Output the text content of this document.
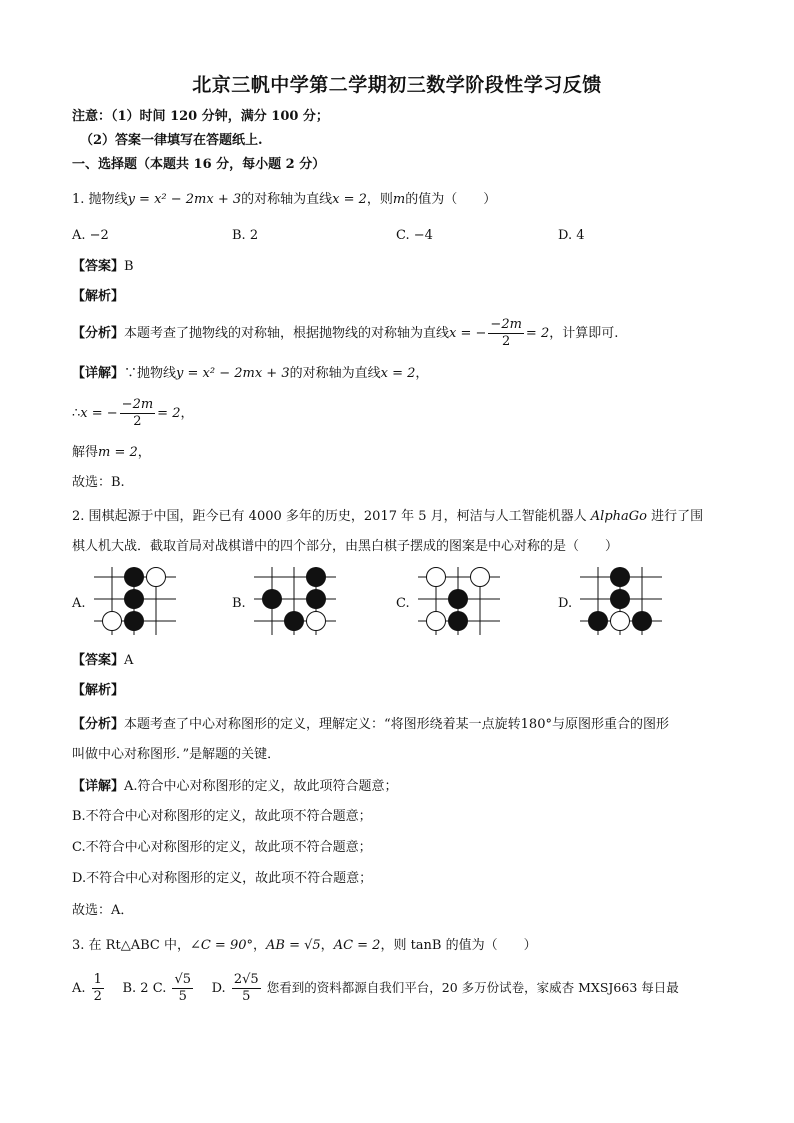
北京三帆中学第二学期初三数学阶段性学习反馈
注意：（1）时间 120 分钟，满分 100 分；
（2）答案一律填写在答题纸上.
一、选择题（本题共 16 分，每小题 2 分）
1. 抛物线y = x² − 2mx + 3的对称轴为直线x = 2，则m的值为（　　）
A. −2	B. 2	C. −4	D. 4
【答案】B
【解析】
【分析】本题考查了抛物线的对称轴，根据抛物线的对称轴为直线x = − $\frac{-2m}{2} = 2$，计算即可.
【详解】∵抛物线y = x² − 2mx + 3的对称轴为直线x = 2，
∴x = − $\frac{-2m}{2} = 2$，
解得m = 2，
故选：B.
2. 围棋起源于中国，距今已有 4000 多年的历史，2017 年 5 月，柯洁与人工智能机器人 AlphaGo 进行了围
棋人机大战．截取首局对战棋谱中的四个部分，由黑白棋子摆成的图案是中心对称的是（　　）
A.	B.	C.	D.
【答案】A
【解析】
【分析】本题考查了中心对称图形的定义，理解定义：“将图形绕着某一点旋转180°与原图形重合的图形
叫做中心对称图形．”是解题的关键．
【详解】A.符合中心对称图形的定义，故此项符合题意；
B.不符合中心对称图形的定义，故此项不符合题意；
C.不符合中心对称图形的定义，故此项不符合题意；
D.不符合中心对称图形的定义，故此项不符合题意；
故选：A．
3. 在 Rt△ABC 中，∠C = 90°，AB = √5，AC = 2，则 tanB 的值为（　　）
A. $\frac{1}{2} B$. 2 C. $\frac{√5}{5} D$. $\frac{2√5}{5}$ 您看到的资料都源自我们平台，20 多万份试卷，家威杏 MXSJ663 每日最
